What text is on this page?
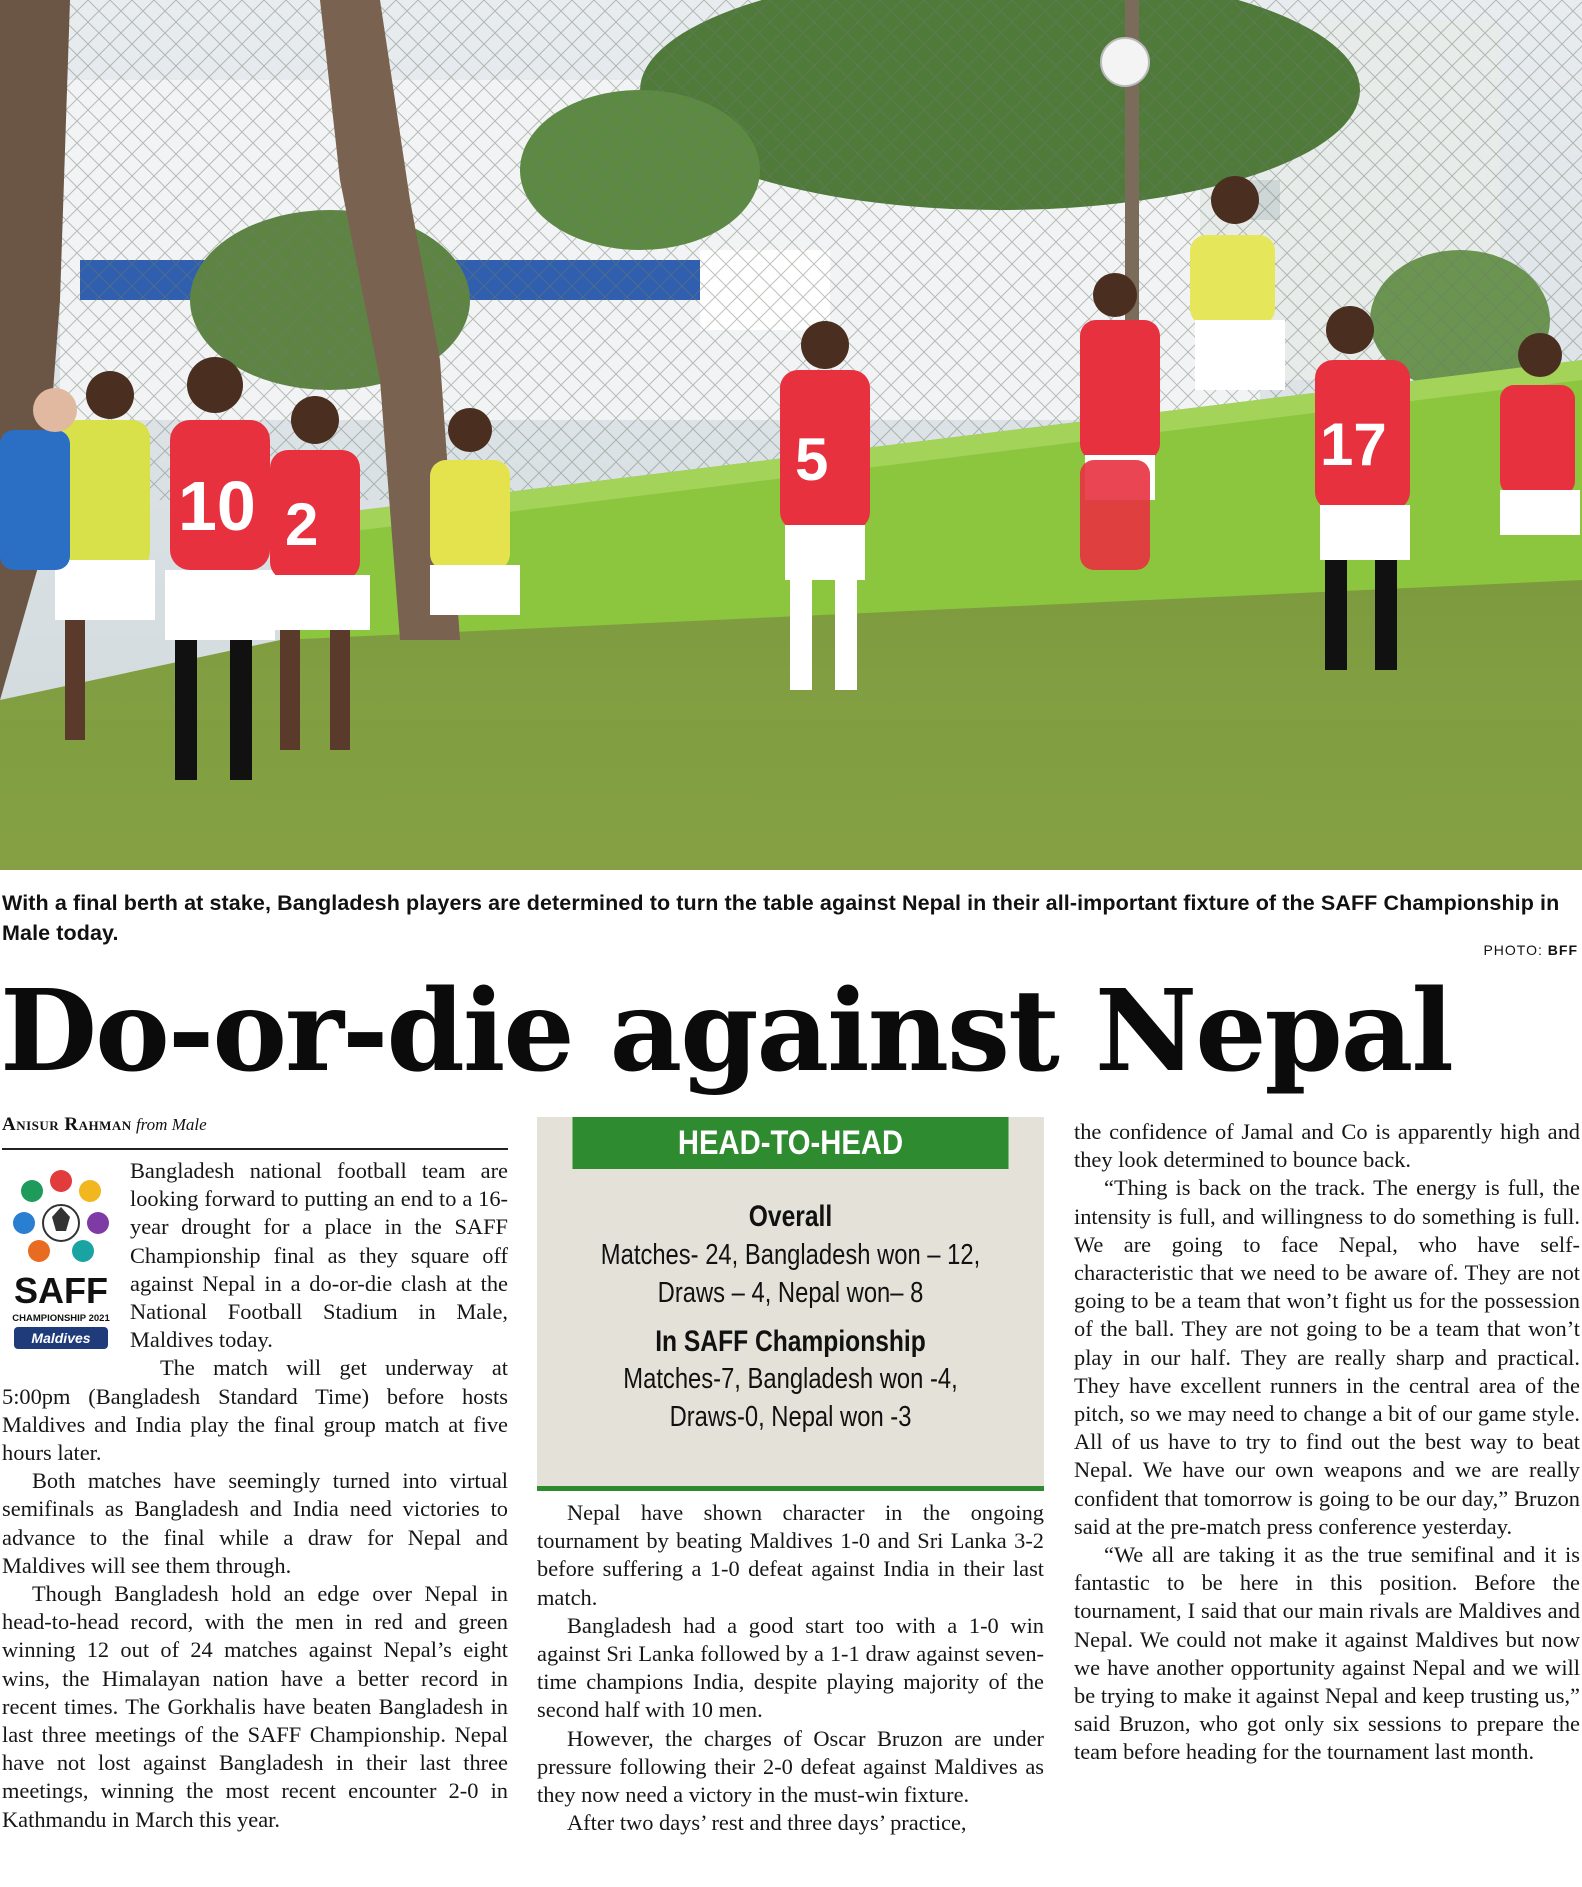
10 2
5	17
With a final berth at stake, Bangladesh players are determined to turn the table against Nepal in their all-important fixture of the SAFF Championship in Male today.
PHOTO: BFF
Do-or-die against Nepal
Anisur Rahman from Male
SAFF
CHAMPIONSHIP 2021
Maldives

Bangladesh national football team are looking forward to putting an end to a 16-year drought for a place in the SAFF Championship final as they square off against Nepal in a do-or-die clash at the National Football Stadium in Male, Maldives today.

The match will get underway at 5:00pm (Bangladesh Standard Time) before hosts Maldives and India play the final group match at five hours later.

Both matches have seemingly turned into virtual semifinals as Bangladesh and India need victories to advance to the final while a draw for Nepal and Maldives will see them through.

Though Bangladesh hold an edge over Nepal in head-to-head record, with the men in red and green winning 12 out of 24 matches against Nepal’s eight wins, the Himalayan nation have a better record in recent times. The Gorkhalis have beaten Bangladesh in last three meetings of the SAFF Championship. Nepal have not lost against Bangladesh in their last three meetings, winning the most recent encounter 2-0 in Kathmandu in March this year.

HEAD-TO-HEAD
Overall
Matches- 24, Bangladesh won – 12,
Draws – 4, Nepal won– 8
In SAFF Championship
Matches-7, Bangladesh won -4,
Draws-0, Nepal won -3

Nepal have shown character in the ongoing tournament by beating Maldives 1-0 and Sri Lanka 3-2 before suffering a 1-0 defeat against India in their last match.

Bangladesh had a good start too with a 1-0 win against Sri Lanka followed by a 1-1 draw against seven-time champions India, despite playing majority of the second half with 10 men.

However, the charges of Oscar Bruzon are under pressure following their 2-0 defeat against Maldives as they now need a victory in the must-win fixture.

After two days’ rest and three days’ practice,

the confidence of Jamal and Co is apparently high and they look determined to bounce back.

“Thing is back on the track. The energy is full, the intensity is full, and willingness to do something is full. We are going to face Nepal, who have self-characteristic that we need to be aware of. They are not going to be a team that won’t fight us for the possession of the ball. They are not going to be a team that won’t play in our half. They are really sharp and practical. They have excellent runners in the central area of the pitch, so we may need to change a bit of our game style. All of us have to try to find out the best way to beat Nepal. We have our own weapons and we are really confident that tomorrow is going to be our day,” Bruzon said at the pre-match press conference yesterday.

“We all are taking it as the true semifinal and it is fantastic to be here in this position. Before the tournament, I said that our main rivals are Maldives and Nepal. We could not make it against Maldives but now we have another opportunity against Nepal and we will be trying to make it against Nepal and keep trusting us,” said Bruzon, who got only six sessions to prepare the team before heading for the tournament last month.
